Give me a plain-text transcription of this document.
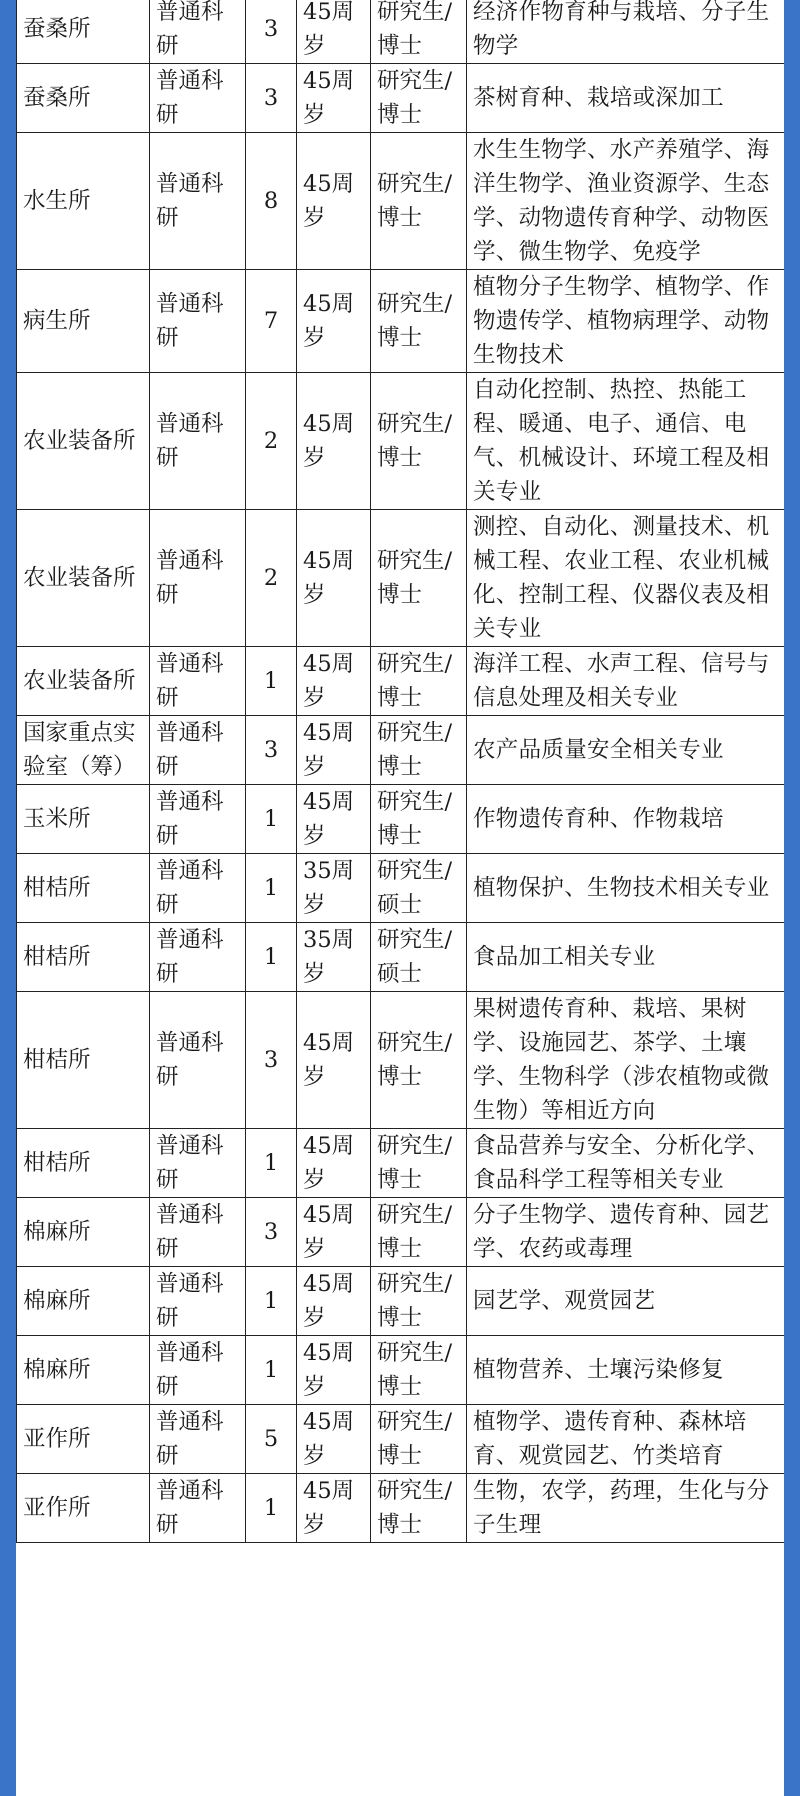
蚕桑所	普通科研	3	45周岁	研究生/博士	经济作物育种与栽培、分子生物学
蚕桑所	普通科研	3	45周岁	研究生/博士	茶树育种、栽培或深加工
水生所	普通科研	8	45周岁	研究生/博士	水生生物学、水产养殖学、海洋生物学、渔业资源学、生态学、动物遗传育种学、动物医学、微生物学、免疫学
病生所	普通科研	7	45周岁	研究生/博士	植物分子生物学、植物学、作物遗传学、植物病理学、动物生物技术
农业装备所	普通科研	2	45周岁	研究生/博士	自动化控制、热控、热能工程、暖通、电子、通信、电气、机械设计、环境工程及相关专业
农业装备所	普通科研	2	45周岁	研究生/博士	测控、自动化、测量技术、机械工程、农业工程、农业机械化、控制工程、仪器仪表及相关专业
农业装备所	普通科研	1	45周岁	研究生/博士	海洋工程、水声工程、信号与信息处理及相关专业
国家重点实验室（筹）	普通科研	3	45周岁	研究生/博士	农产品质量安全相关专业
玉米所	普通科研	1	45周岁	研究生/博士	作物遗传育种、作物栽培
柑桔所	普通科研	1	35周岁	研究生/硕士	植物保护、生物技术相关专业
柑桔所	普通科研	1	35周岁	研究生/硕士	食品加工相关专业
柑桔所	普通科研	3	45周岁	研究生/博士	果树遗传育种、栽培、果树学、设施园艺、茶学、土壤学、生物科学（涉农植物或微生物）等相近方向
柑桔所	普通科研	1	45周岁	研究生/博士	食品营养与安全、分析化学、食品科学工程等相关专业
棉麻所	普通科研	3	45周岁	研究生/博士	分子生物学、遗传育种、园艺学、农药或毒理
棉麻所	普通科研	1	45周岁	研究生/博士	园艺学、观赏园艺
棉麻所	普通科研	1	45周岁	研究生/博士	植物营养、土壤污染修复
亚作所	普通科研	5	45周岁	研究生/博士	植物学、遗传育种、森林培育、观赏园艺、竹类培育
亚作所	普通科研	1	45周岁	研究生/博士	生物，农学，药理，生化与分子生理
